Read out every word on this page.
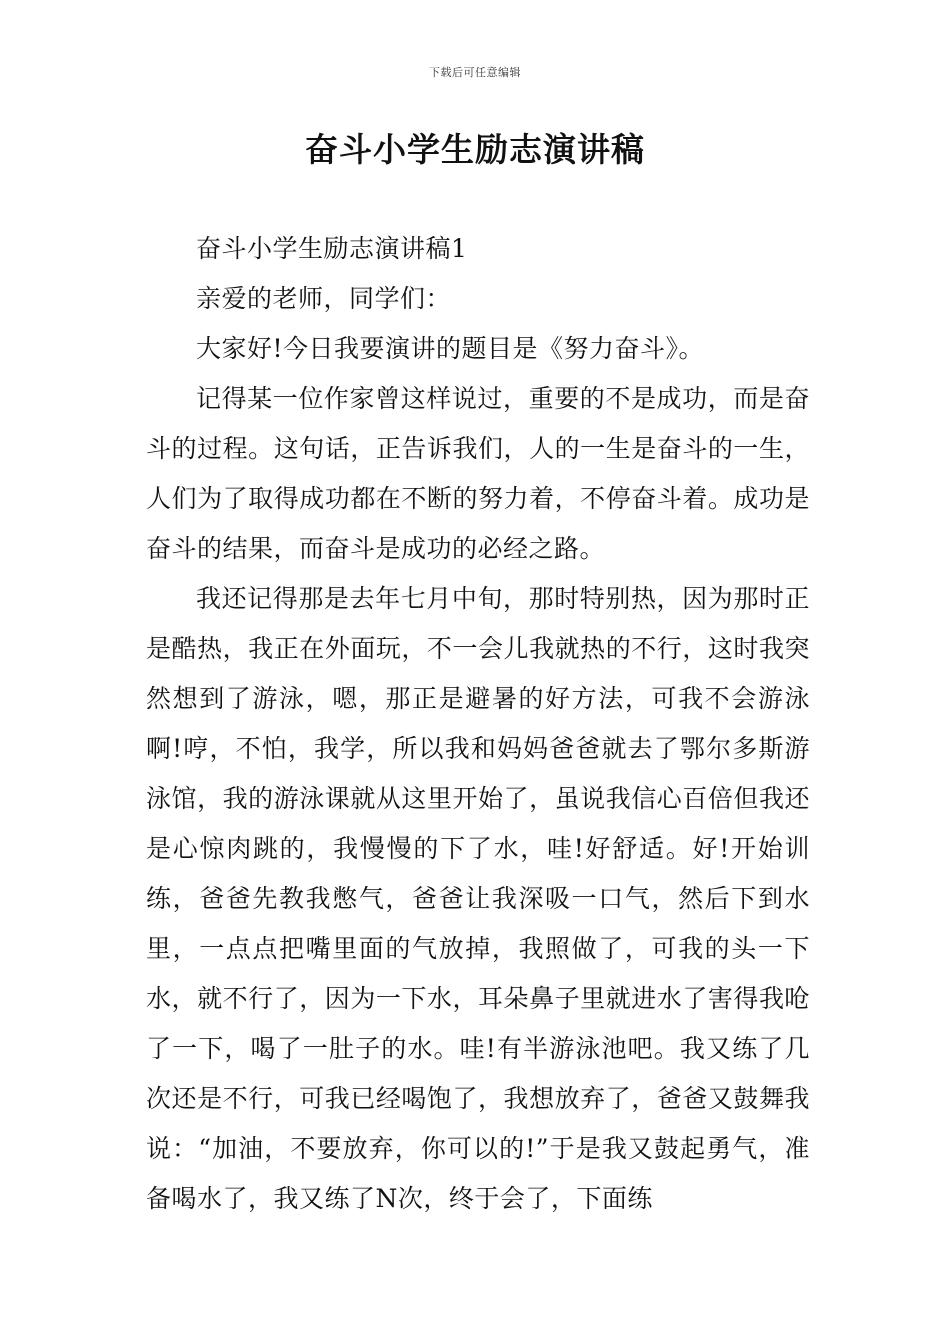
下载后可任意编辑
奋斗小学生励志演讲稿

奋斗小学生励志演讲稿1

亲爱的老师，同学们：

大家好!今日我要演讲的题目是《努力奋斗》。

记得某一位作家曾这样说过，重要的不是成功，而是奋斗的过程。这句话，正告诉我们，人的一生是奋斗的一生，人们为了取得成功都在不断的努力着，不停奋斗着。成功是奋斗的结果，而奋斗是成功的必经之路。

我还记得那是去年七月中旬，那时特别热，因为那时正是酷热，我正在外面玩，不一会儿我就热的不行，这时我突然想到了游泳，嗯，那正是避暑的好方法，可我不会游泳啊!哼，不怕，我学，所以我和妈妈爸爸就去了鄂尔多斯游泳馆，我的游泳课就从这里开始了，虽说我信心百倍但我还是心惊肉跳的，我慢慢的下了水，哇!好舒适。好!开始训练，爸爸先教我憋气，爸爸让我深吸一口气，然后下到水里，一点点把嘴里面的气放掉，我照做了，可我的头一下水，就不行了，因为一下水，耳朵鼻子里就进水了害得我呛了一下，喝了一肚子的水。哇!有半游泳池吧。我又练了几次还是不行，可我已经喝饱了，我想放弃了，爸爸又鼓舞我说：“加油，不要放弃，你可以的!”于是我又鼓起勇气，准备喝水了，我又练了N次，终于会了，下面练
